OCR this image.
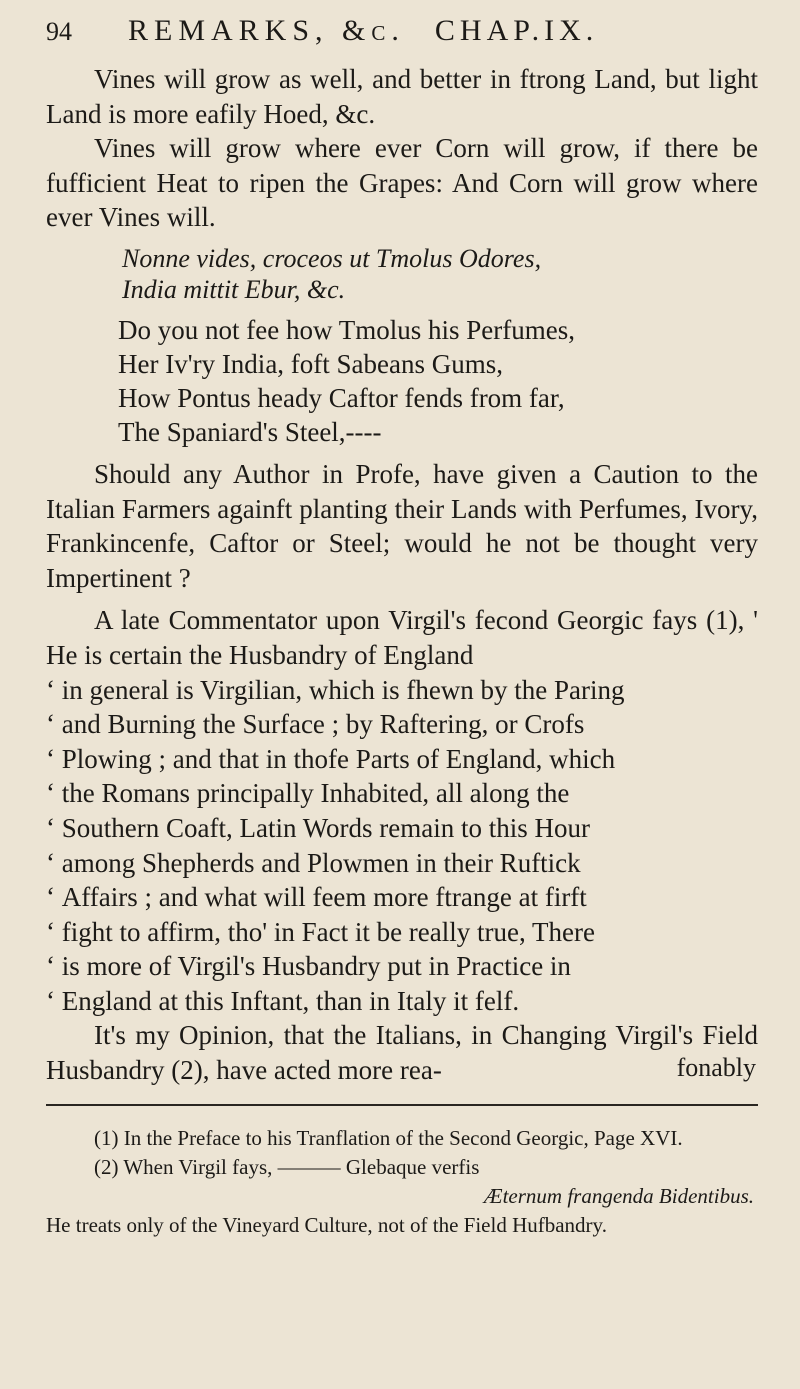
94	REMARKS, &c. CHAP.IX.

Vines will grow as well, and better in ftrong Land, but light Land is more eafily Hoed, &c.

Vines will grow where ever Corn will grow, if there be fufficient Heat to ripen the Grapes: And Corn will grow where ever Vines will.

Nonne vides, croceos ut Tmolus Odores,
India mittit Ebur, &c.
Do you not fee how Tmolus his Perfumes,
Her Iv'ry India, foft Sabeans Gums,
How Pontus heady Caftor fends from far,
The Spaniard's Steel,----

Should any Author in Profe, have given a Caution to the Italian Farmers againft planting their Lands with Perfumes, Ivory, Frankincenfe, Caftor or Steel; would he not be thought very Impertinent ?

A late Commentator upon Virgil's fecond Georgic fays (1), ' He is certain the Husbandry of England

‘ in general is Virgilian, which is fhewn by the Paring
‘ and Burning the Surface ; by Raftering, or Crofs
‘ Plowing ; and that in thofe Parts of England, which
‘ the Romans principally Inhabited, all along the
‘ Southern Coaft, Latin Words remain to this Hour
‘ among Shepherds and Plowmen in their Ruftick
‘ Affairs ; and what will feem more ftrange at firft
‘ fight to affirm, tho' in Fact it be really true, There
‘ is more of Virgil's Husbandry put in Practice in
‘ England at this Inftant, than in Italy it felf.

It's my Opinion, that the Italians, in Changing Virgil's Field Husbandry (2), have acted more rea-

(1) In the Preface to his Tranflation of the Second Georgic, Page XVI.

(2) When Virgil fays, ——— Glebaque verfis

Æternum frangenda Bidentibus.

He treats only of the Vineyard Culture, not of the Field Hufbandry.

fonably
